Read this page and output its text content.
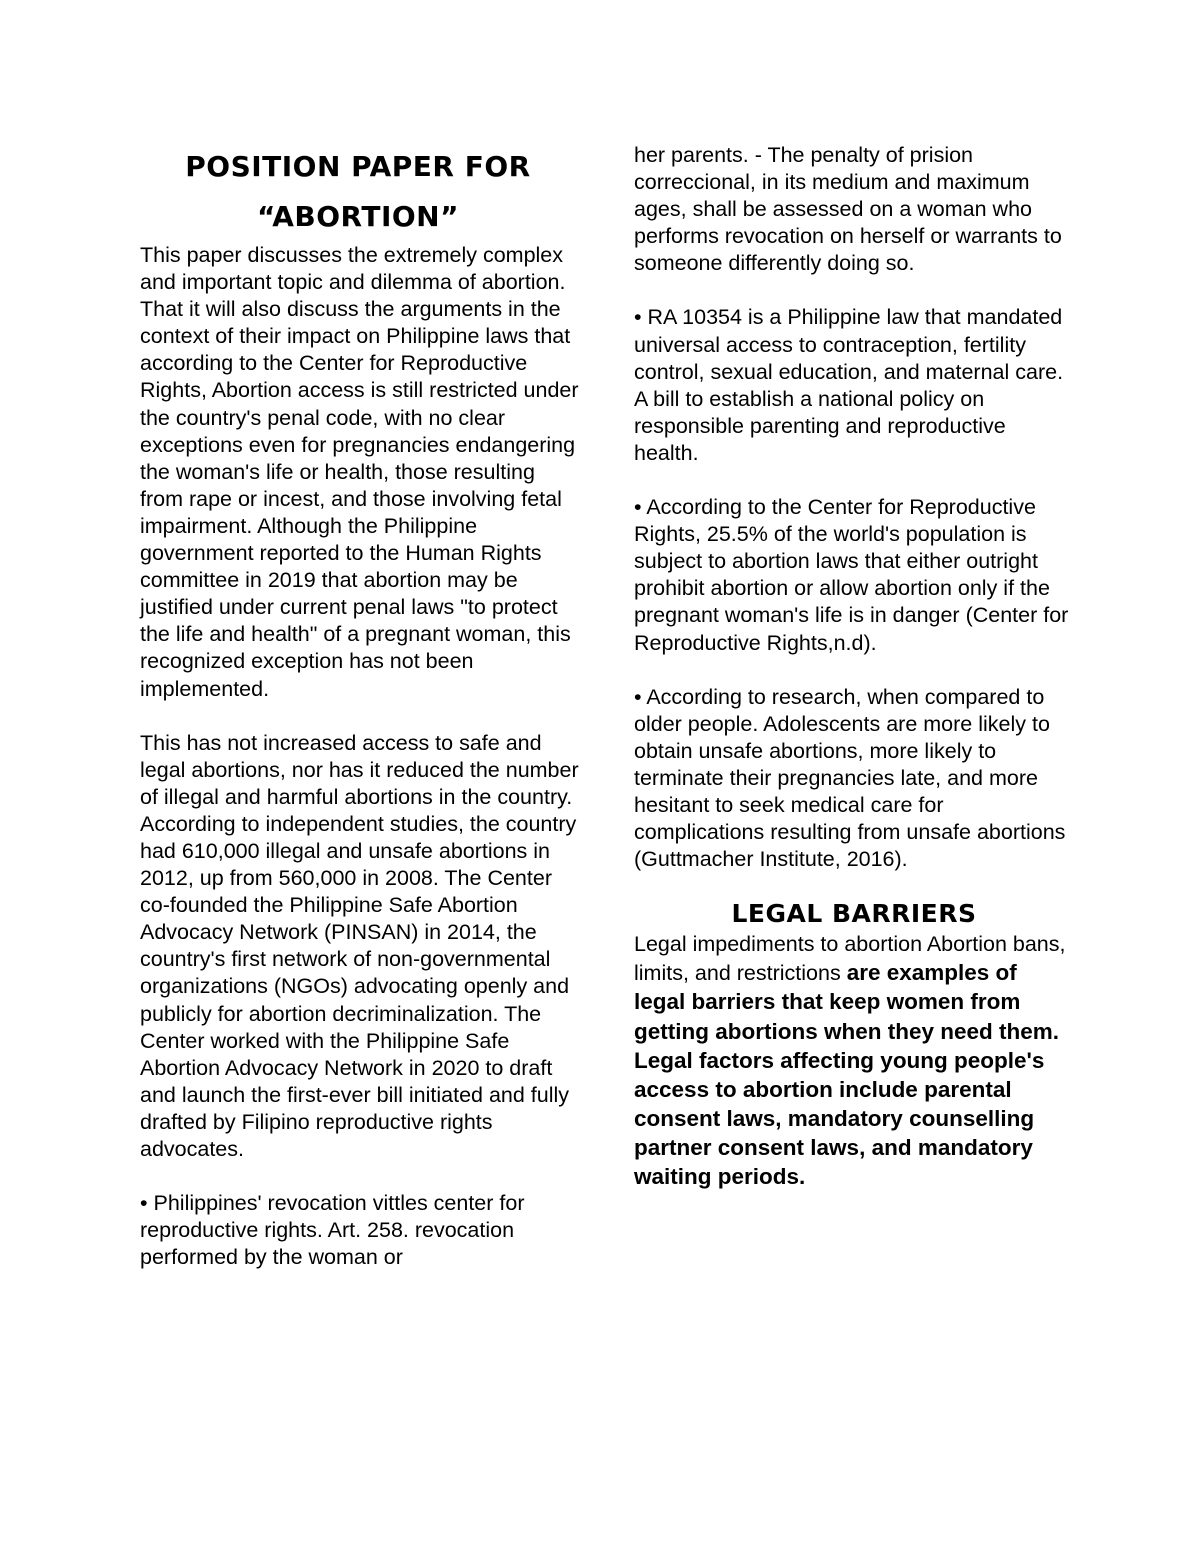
POSITION PAPER FOR
“ABORTION”

This paper discusses the extremely complex and important topic and dilemma of abortion. That it will also discuss the arguments in the context of their impact on Philippine laws that according to the Center for Reproductive Rights, Abortion access is still restricted under the country's penal code, with no clear exceptions even for pregnancies endangering the woman's life or health, those resulting from rape or incest, and those involving fetal impairment. Although the Philippine government reported to the Human Rights committee in 2019 that abortion may be justified under current penal laws "to protect the life and health" of a pregnant woman, this recognized exception has not been implemented.

This has not increased access to safe and legal abortions, nor has it reduced the number of illegal and harmful abortions in the country. According to independent studies, the country had 610,000 illegal and unsafe abortions in 2012, up from 560,000 in 2008. The Center co-founded the Philippine Safe Abortion Advocacy Network (PINSAN) in 2014, the country's first network of non-governmental organizations (NGOs) advocating openly and publicly for abortion decriminalization. The Center worked with the Philippine Safe Abortion Advocacy Network in 2020 to draft and launch the first-ever bill initiated and fully drafted by Filipino reproductive rights advocates.

• Philippines' revocation vittles center for reproductive rights. Art. 258. revocation performed by the woman or

her parents. - The penalty of prision correccional, in its medium and maximum ages, shall be assessed on a woman who performs revocation on herself or warrants to someone differently doing so.

• RA 10354 is a Philippine law that mandated universal access to contraception, fertility control, sexual education, and maternal care. A bill to establish a national policy on responsible parenting and reproductive health.

• According to the Center for Reproductive Rights, 25.5% of the world's population is subject to abortion laws that either outright prohibit abortion or allow abortion only if the pregnant woman's life is in danger (Center for Reproductive Rights,n.d).

• According to research, when compared to older people. Adolescents are more likely to obtain unsafe abortions, more likely to terminate their pregnancies late, and more hesitant to seek medical care for complications resulting from unsafe abortions (Guttmacher Institute, 2016).

LEGAL BARRIERS

Legal impediments to abortion Abortion bans, limits, and restrictions are examples of legal barriers that keep women from getting abortions when they need them. Legal factors affecting young people's access to abortion include parental consent laws, mandatory counselling partner consent laws, and mandatory waiting periods.
